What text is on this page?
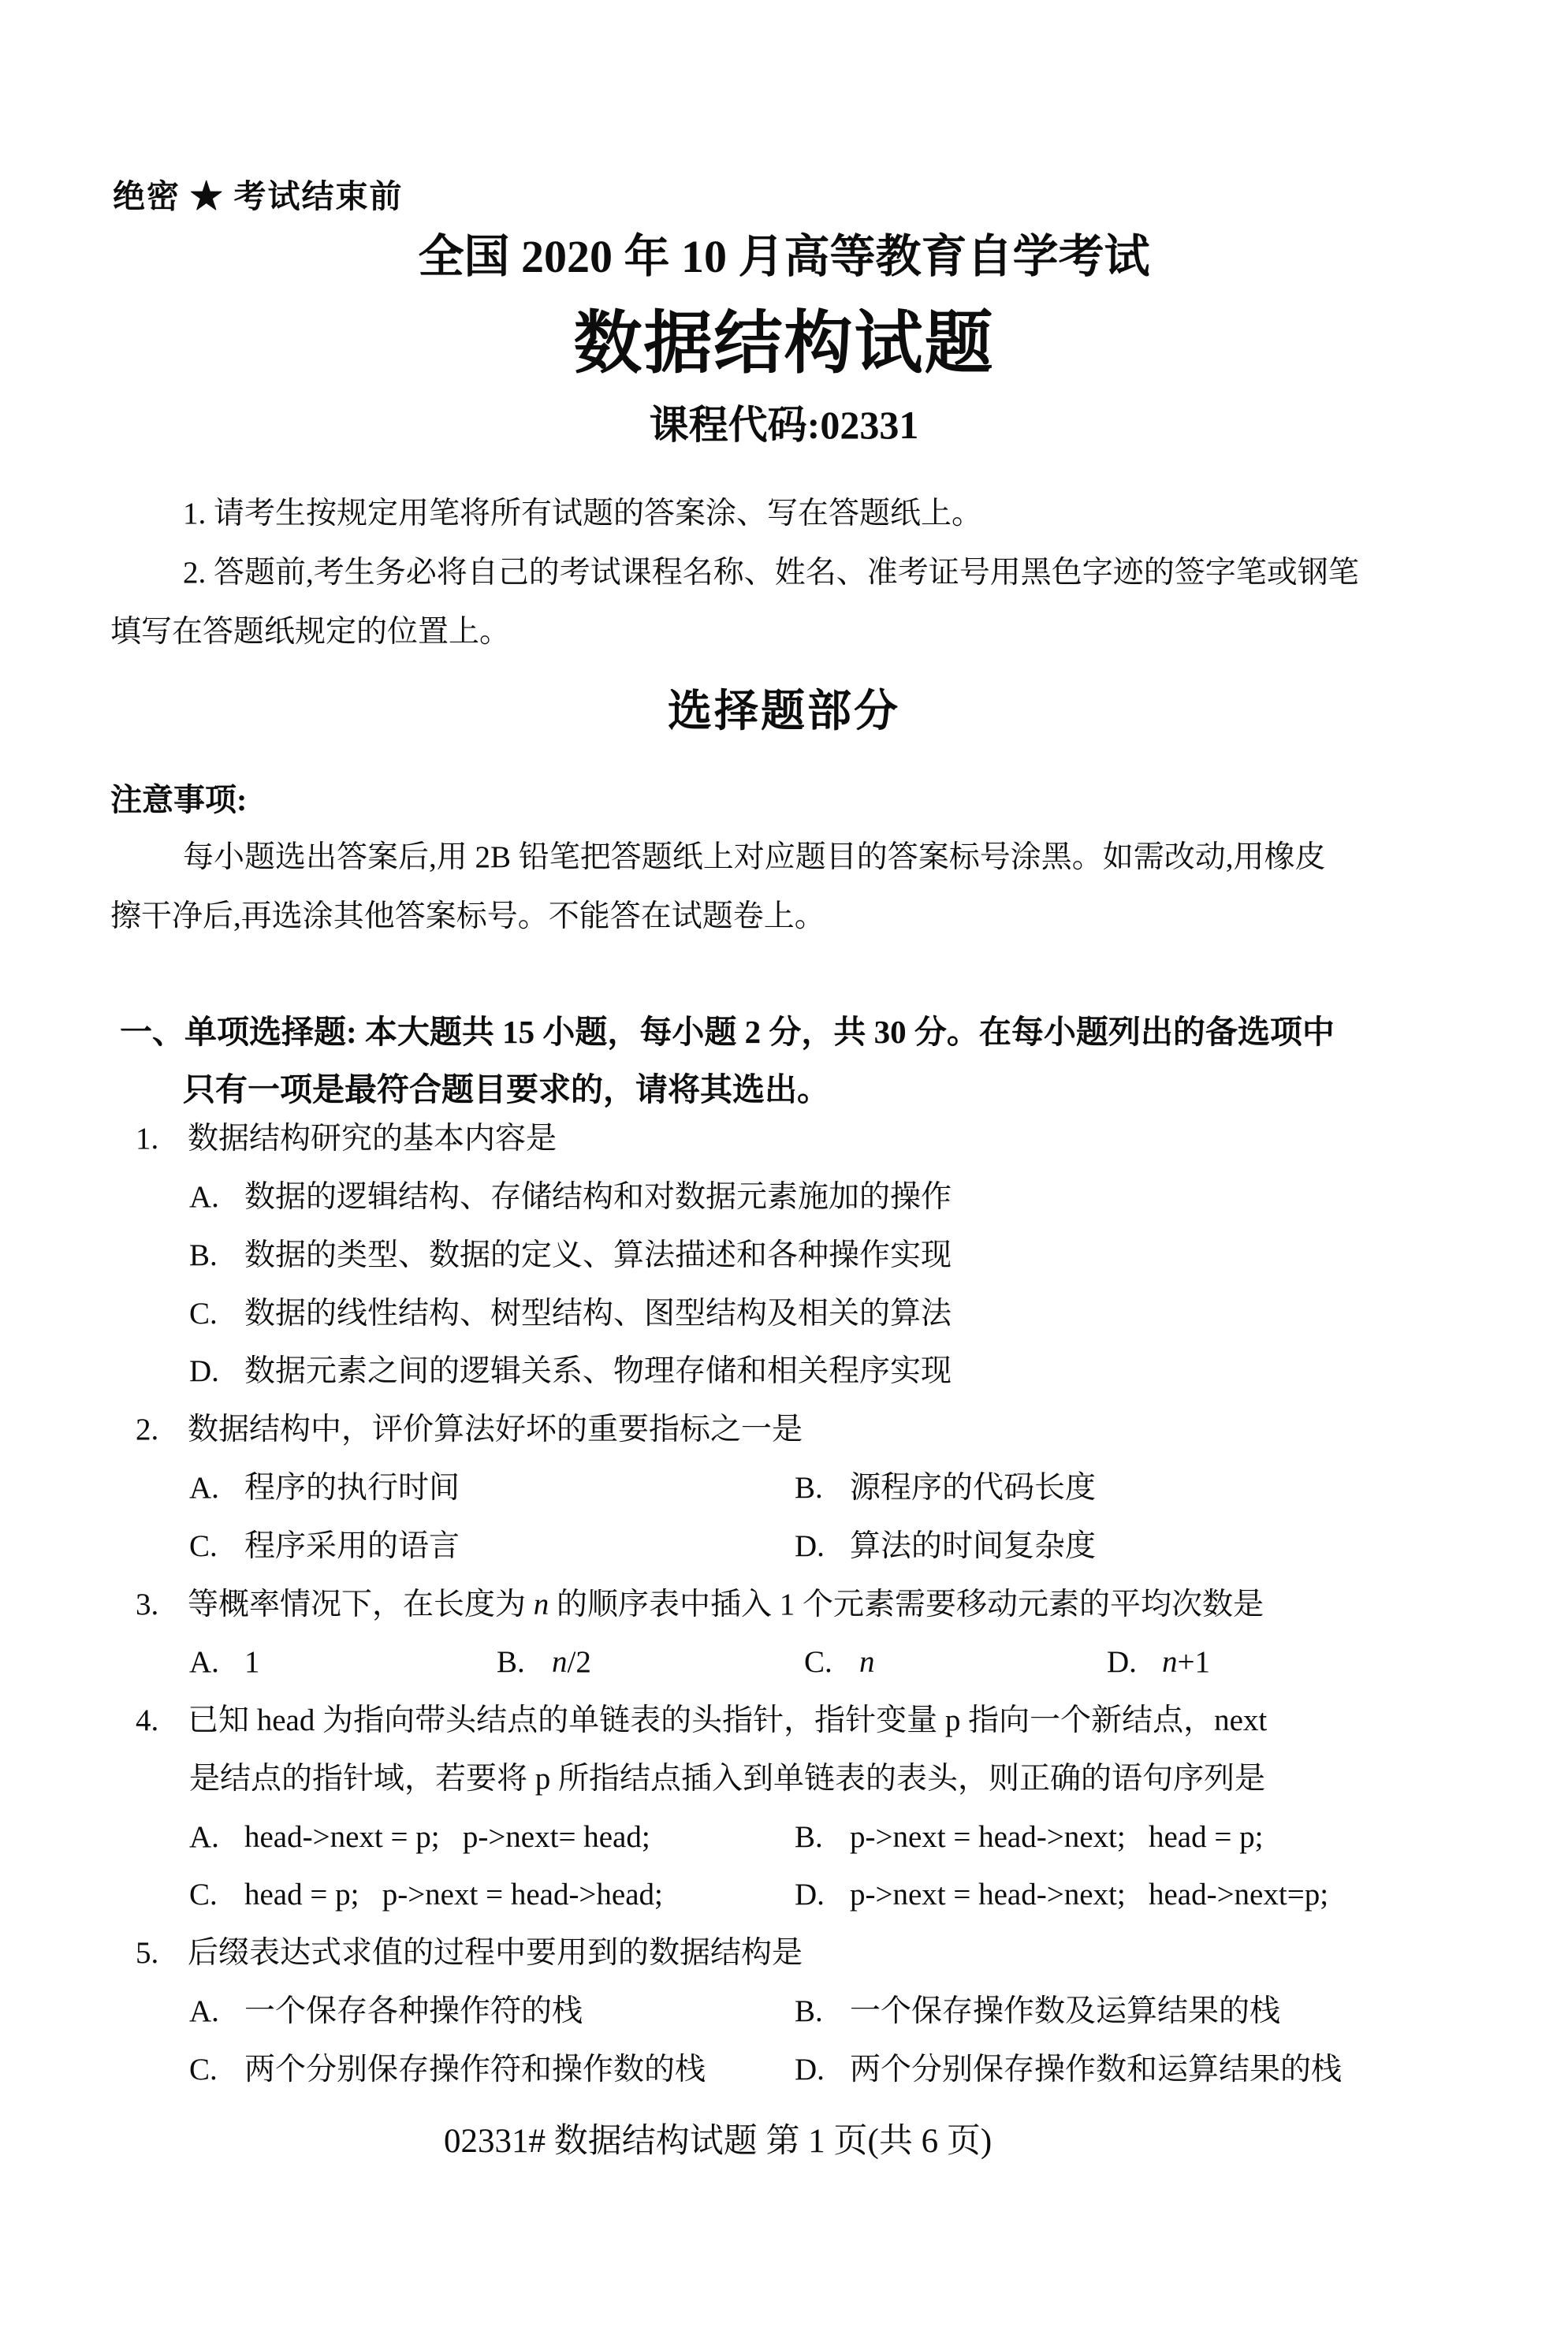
绝密 ★ 考试结束前
全国 2020 年 10 月高等教育自学考试
数据结构试题
课程代码:02331
1. 请考生按规定用笔将所有试题的答案涂、写在答题纸上。
2. 答题前,考生务必将自己的考试课程名称、姓名、准考证号用黑色字迹的签字笔或钢笔
填写在答题纸规定的位置上。
选择题部分
注意事项:
每小题选出答案后,用 2B 铅笔把答题纸上对应题目的答案标号涂黑。如需改动,用橡皮
擦干净后,再选涂其他答案标号。不能答在试题卷上。
一、单项选择题: 本大题共 15 小题，每小题 2 分，共 30 分。在每小题列出的备选项中
只有一项是最符合题目要求的，请将其选出。
1. 数据结构研究的基本内容是
A. 数据的逻辑结构、存储结构和对数据元素施加的操作
B. 数据的类型、数据的定义、算法描述和各种操作实现
C. 数据的线性结构、树型结构、图型结构及相关的算法
D. 数据元素之间的逻辑关系、物理存储和相关程序实现
2. 数据结构中，评价算法好坏的重要指标之一是
A. 程序的执行时间	B. 源程序的代码长度
C. 程序采用的语言	D. 算法的时间复杂度
3. 等概率情况下，在长度为 n 的顺序表中插入 1 个元素需要移动元素的平均次数是
A. 1	B. n/2	C. n	D. n+1
4. 已知 head 为指向带头结点的单链表的头指针，指针变量 p 指向一个新结点，next
是结点的指针域，若要将 p 所指结点插入到单链表的表头，则正确的语句序列是
A. head->next = p;   p->next= head;	B. p->next = head->next;   head = p;
C. head = p;   p->next = head->head;	D. p->next = head->next;   head->next=p;
5. 后缀表达式求值的过程中要用到的数据结构是
A. 一个保存各种操作符的栈	B. 一个保存操作数及运算结果的栈
C. 两个分别保存操作符和操作数的栈	D. 两个分别保存操作数和运算结果的栈
02331# 数据结构试题 第 1 页(共 6 页)
